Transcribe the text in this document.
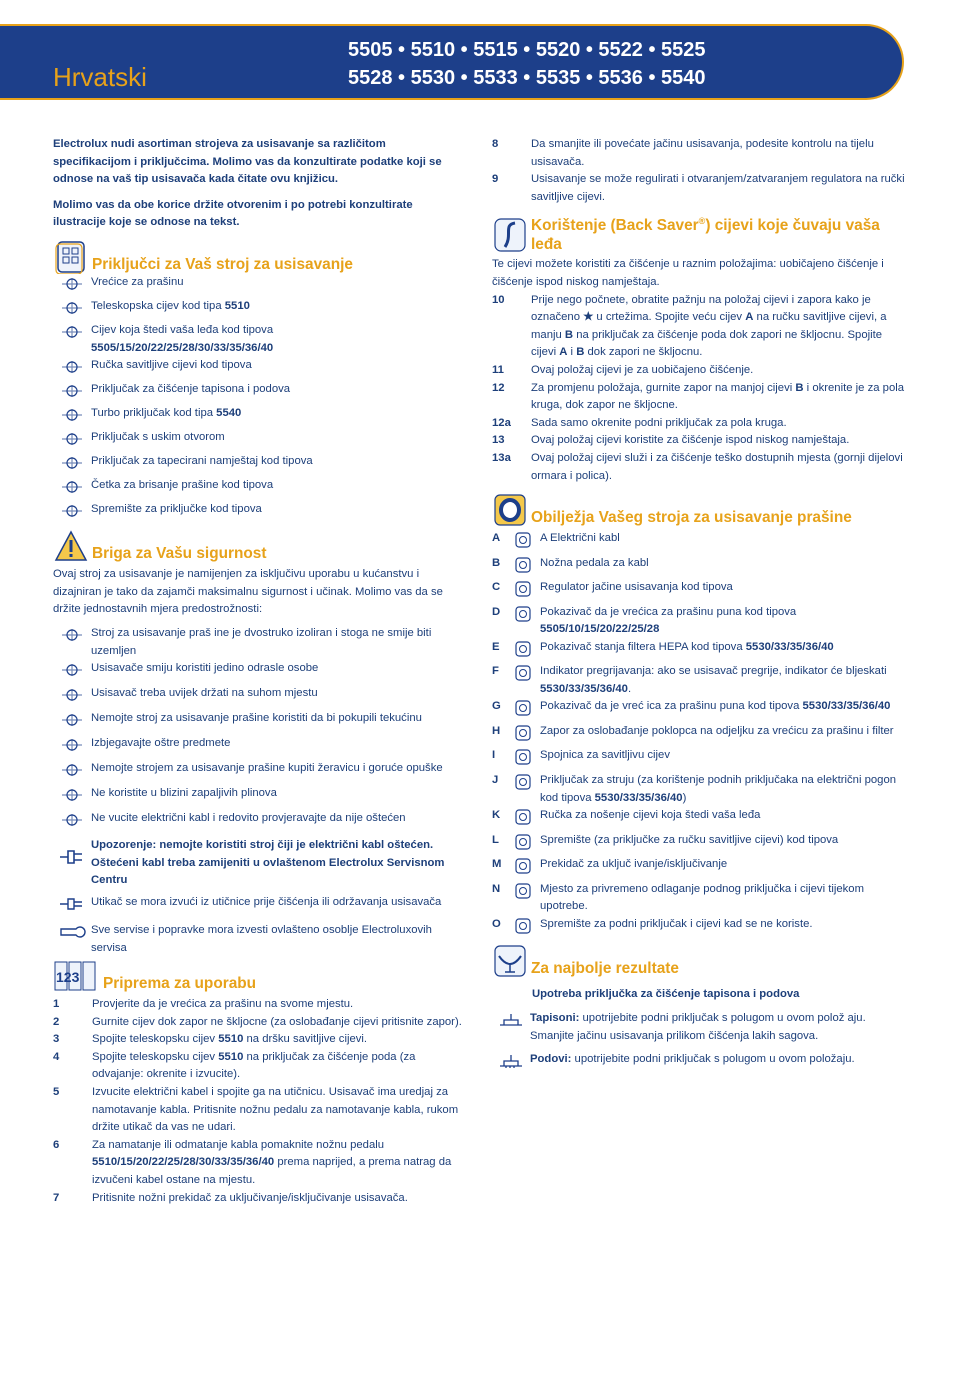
Hrvatski
5505 • 5510 • 5515 • 5520 • 5522 • 5525
5528 • 5530 • 5533 • 5535 • 5536 • 5540

Electrolux nudi asortiman strojeva za usisavanje sa različitom specifikacijom i priključcima. Molimo vas da konzultirate podatke koji se odnose na vaš tip usisavača kada čitate ovu knjižicu.

Molimo vas da obe korice držite otvorenim i po potrebi konzultirate ilustracije koje se odnose na tekst.

Priključci za Vaš stroj za usisavanje
Vrećice za prašinu
Teleskopska cijev kod tipa 5510
Cijev koja štedi vaša leđa kod tipova
5505/15/20/22/25/28/30/33/35/36/40
Ručka savitljive cijevi kod tipova
Priključak za čišćenje tapisona i podova
Turbo priključak kod tipa 5540
Priključak s uskim otvorom
Priključak za tapecirani namještaj kod tipova
Četka za brisanje prašine kod tipova
Spremište za priključke kod tipova
Briga za Vašu sigurnost

Ovaj stroj za usisavanje je namijenjen za isključivu uporabu u kućanstvu i dizajniran je tako da zajamči maksimalnu sigurnost i učinak. Molimo vas da se držite jednostavnih mjera predostrožnosti:

Stroj za usisavanje praš ine je dvostruko izoliran i stoga ne smije biti uzemljen
Usisavače smiju koristiti jedino odrasle osobe
Usisavač treba uvijek držati na suhom mjestu
Nemojte stroj za usisavanje prašine koristiti da bi pokupili tekućinu
Izbjegavajte oštre predmete
Nemojte strojem za usisavanje prašine kupiti žeravicu i goruće opuške
Ne koristite u blizini zapaljivih plinova
Ne vucite električni kabl i redovito provjeravajte da nije oštećen
Upozorenje: nemojte koristiti stroj čiji je električni kabl oštećen. Oštećeni kabl treba zamijeniti u ovlaštenom Electrolux Servisnom Centru
Utikač se mora izvući iz utičnice prije čišćenja ili održavanja usisavača
Sve servise i popravke mora izvesti ovlašteno osoblje Electroluxovih servisa
123 Priprema za uporabu
1	Provjerite da je vrećica za prašinu na svome mjestu.
2	Gurnite cijev dok zapor ne škljocne (za oslobađanje cijevi pritisnite zapor).
3	Spojite teleskopsku cijev 5510 na dršku savitljive cijevi.
4	Spojite teleskopsku cijev 5510 na priključak za čišćenje poda (za odvajanje: okrenite i izvucite).
5	Izvucite električni kabel i spojite ga na utičnicu. Usisavač ima uredjaj za namotavanje kabla. Pritisnite nožnu pedalu za namotavanje kabla, rukom držite utikač da vas ne udari.
6	Za namatanje ili odmatanje kabla pomaknite nožnu pedalu 5510/15/20/22/25/28/30/33/35/36/40 prema naprijed, a prema natrag da izvučeni kabel ostane na mjestu.
7	Pritisnite nožni prekidač za uključivanje/isključivanje usisavača.
8	Da smanjite ili povećate jačinu usisavanja, podesite kontrolu na tijelu usisavača.
9	Usisavanje se može regulirati i otvaranjem/zatvaranjem regulatora na ručki savitljive cijevi.
Korištenje (Back Saver®) cijevi koje čuvaju vaša leđa

Te cijevi možete koristiti za čišćenje u raznim položajima: uobičajeno čišćenje i čišćenje ispod niskog namještaja.

10	Prije nego počnete, obratite pažnju na položaj cijevi i zapora kako je označeno ★ u crtežima. Spojite veću cijev A na ručku savitljive cijevi, a manju B na priključak za čišćenje poda dok zapori ne škljocnu. Spojite cijevi A i B dok zapori ne škljocnu.
11	Ovaj položaj cijevi je za uobičajeno čišćenje.
12	Za promjenu položaja, gurnite zapor na manjoj cijevi B i okrenite je za pola kruga, dok zapor ne škljocne.
12a	Sada samo okrenite podni priključak za pola kruga.
13	Ovaj položaj cijevi koristite za čišćenje ispod niskog namještaja.
13a	Ovaj položaj cijevi služi i za čišćenje teško dostupnih mjesta (gornji dijelovi ormara i polica).
Obilježja Vašeg stroja za usisavanje prašine
A	A Električni kabl
B	Nožna pedala za kabl
C	Regulator jačine usisavanja kod tipova
D	Pokazivač da je vrećica za prašinu puna kod tipova 5505/10/15/20/22/25/28
E	Pokazivač stanja filtera HEPA kod tipova 5530/33/35/36/40
F	Indikator pregrijavanja: ako se usisavač pregrije, indikator će bljeskati 5530/33/35/36/40.
G	Pokazivač da je vreć ica za prašinu puna kod tipova 5530/33/35/36/40
H	Zapor za oslobađanje poklopca na odjeljku za vrećicu za prašinu i filter
I	Spojnica za savitljivu cijev
J	Priključak za struju (za korištenje podnih priključaka na električni pogon kod tipova 5530/33/35/36/40)
K	Ručka za nošenje cijevi koja štedi vaša leđa
L	Spremište (za priključke za ručku savitljive cijevi) kod tipova
M	Prekidač za uključ ivanje/isključivanje
N	Mjesto za privremeno odlaganje podnog priključka i cijevi tijekom upotrebe.
O	Spremište za podni priključak i cijevi kad se ne koriste.
Za najbolje rezultate

Upotreba priključka za čišćenje tapisona i podova

Tapisoni: upotrijebite podni priključak s polugom u ovom polož aju. Smanjite jačinu usisavanja prilikom čišćenja lakih sagova.
Podovi: upotrijebite podni priključak s polugom u ovom položaju.
